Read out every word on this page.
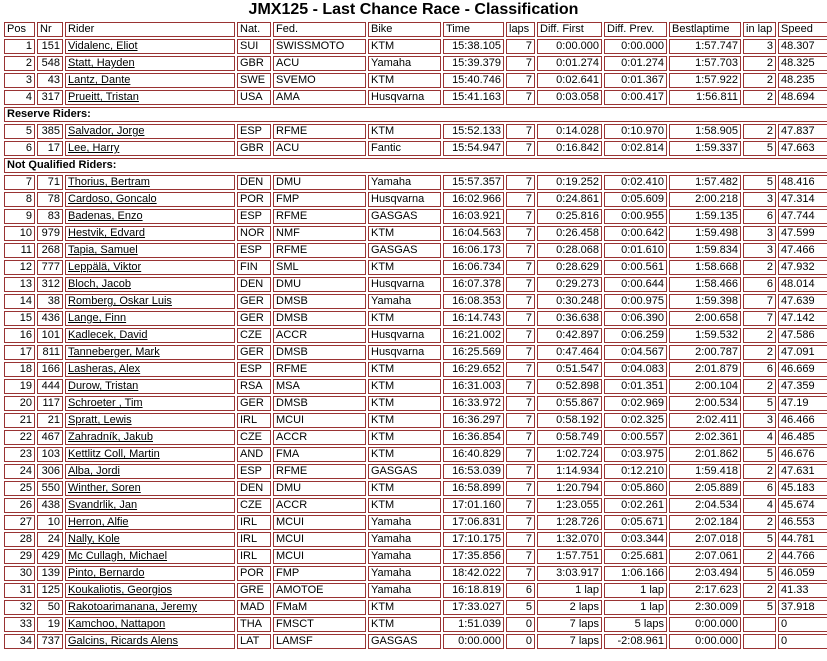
JMX125 - Last Chance Race - Classification
Pos	Nr	Rider	Nat.	Fed.	Bike	Time	laps	Diff. First	Diff. Prev.	Bestlaptime	in lap	Speed
1	151	Vidalenc, Eliot	SUI	SWISSMOTO	KTM	15:38.105	7	0:00.000	0:00.000	1:57.747	3	48.307
2	548	Statt, Hayden	GBR	ACU	Yamaha	15:39.379	7	0:01.274	0:01.274	1:57.703	2	48.325
3	43	Lantz, Dante	SWE	SVEMO	KTM	15:40.746	7	0:02.641	0:01.367	1:57.922	2	48.235
4	317	Prueitt, Tristan	USA	AMA	Husqvarna	15:41.163	7	0:03.058	0:00.417	1:56.811	2	48.694
Reserve Riders:												
5	385	Salvador, Jorge	ESP	RFME	KTM	15:52.133	7	0:14.028	0:10.970	1:58.905	2	47.837
6	17	Lee, Harry	GBR	ACU	Fantic	15:54.947	7	0:16.842	0:02.814	1:59.337	5	47.663
Not Qualified Riders:												
7	71	Thorius, Bertram	DEN	DMU	Yamaha	15:57.357	7	0:19.252	0:02.410	1:57.482	5	48.416
8	78	Cardoso, Goncalo	POR	FMP	Husqvarna	16:02.966	7	0:24.861	0:05.609	2:00.218	3	47.314
9	83	Badenas, Enzo	ESP	RFME	GASGAS	16:03.921	7	0:25.816	0:00.955	1:59.135	6	47.744
10	979	Hestvik, Edvard	NOR	NMF	KTM	16:04.563	7	0:26.458	0:00.642	1:59.498	3	47.599
11	268	Tapia, Samuel	ESP	RFME	GASGAS	16:06.173	7	0:28.068	0:01.610	1:59.834	3	47.466
12	777	Leppälä, Viktor	FIN	SML	KTM	16:06.734	7	0:28.629	0:00.561	1:58.668	2	47.932
13	312	Bloch, Jacob	DEN	DMU	Husqvarna	16:07.378	7	0:29.273	0:00.644	1:58.466	6	48.014
14	38	Romberg, Oskar Luis	GER	DMSB	Yamaha	16:08.353	7	0:30.248	0:00.975	1:59.398	7	47.639
15	436	Lange, Finn	GER	DMSB	KTM	16:14.743	7	0:36.638	0:06.390	2:00.658	7	47.142
16	101	Kadlecek, David	CZE	ACCR	Husqvarna	16:21.002	7	0:42.897	0:06.259	1:59.532	2	47.586
17	811	Tanneberger, Mark	GER	DMSB	Husqvarna	16:25.569	7	0:47.464	0:04.567	2:00.787	2	47.091
18	166	Lasheras, Alex	ESP	RFME	KTM	16:29.652	7	0:51.547	0:04.083	2:01.879	6	46.669
19	444	Durow, Tristan	RSA	MSA	KTM	16:31.003	7	0:52.898	0:01.351	2:00.104	2	47.359
20	117	Schroeter , Tim	GER	DMSB	KTM	16:33.972	7	0:55.867	0:02.969	2:00.534	5	47.19
21	21	Spratt, Lewis	IRL	MCUI	KTM	16:36.297	7	0:58.192	0:02.325	2:02.411	3	46.466
22	467	Zahradník, Jakub	CZE	ACCR	KTM	16:36.854	7	0:58.749	0:00.557	2:02.361	4	46.485
23	103	Kettlitz Coll, Martin	AND	FMA	KTM	16:40.829	7	1:02.724	0:03.975	2:01.862	5	46.676
24	306	Alba, Jordi	ESP	RFME	GASGAS	16:53.039	7	1:14.934	0:12.210	1:59.418	2	47.631
25	550	Winther, Soren	DEN	DMU	KTM	16:58.899	7	1:20.794	0:05.860	2:05.889	6	45.183
26	438	Svandrlik, Jan	CZE	ACCR	KTM	17:01.160	7	1:23.055	0:02.261	2:04.534	4	45.674
27	10	Herron, Alfie	IRL	MCUI	Yamaha	17:06.831	7	1:28.726	0:05.671	2:02.184	2	46.553
28	24	Nally, Kole	IRL	MCUI	Yamaha	17:10.175	7	1:32.070	0:03.344	2:07.018	5	44.781
29	429	Mc Cullagh, Michael	IRL	MCUI	Yamaha	17:35.856	7	1:57.751	0:25.681	2:07.061	2	44.766
30	139	Pinto, Bernardo	POR	FMP	Yamaha	18:42.022	7	3:03.917	1:06.166	2:03.494	5	46.059
31	125	Koukaliotis, Georgios	GRE	AMOTOE	Yamaha	16:18.819	6	1 lap	1 lap	2:17.623	2	41.33
32	50	Rakotoarimanana, Jeremy	MAD	FMaM	KTM	17:33.027	5	2 laps	1 lap	2:30.009	5	37.918
33	19	Kamchoo, Nattapon	THA	FMSCT	KTM	1:51.039	0	7 laps	5 laps	0:00.000		0
34	737	Galcins, Ricards Alens	LAT	LAMSF	GASGAS	0:00.000	0	7 laps	-2:08.961	0:00.000		0
